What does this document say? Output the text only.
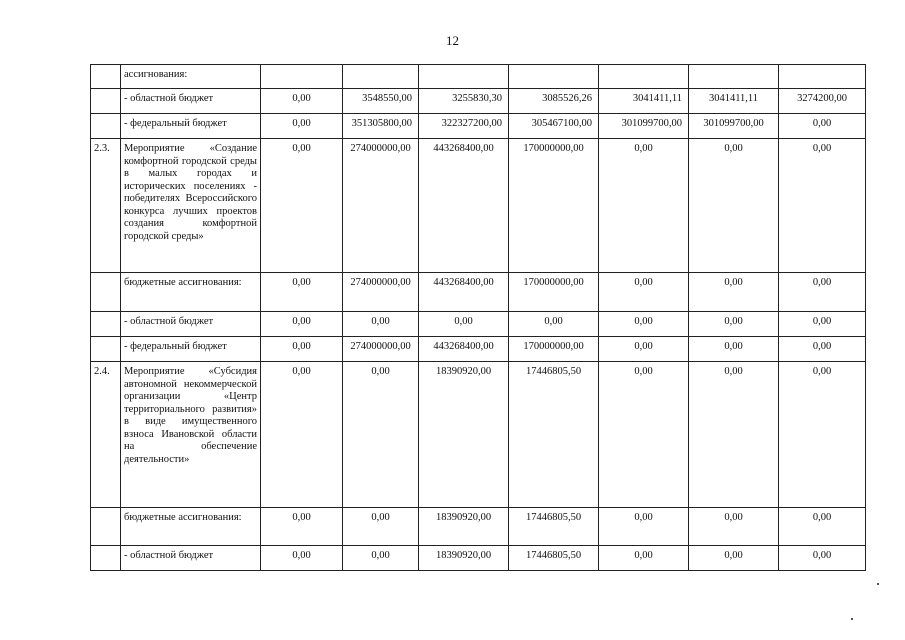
12
	ассигнования:							
	- областной бюджет	0,00	3548550,00	3255830,30	3085526,26	3041411,11	3041411,11	3274200,00
	- федеральный бюджет	0,00	351305800,00	322327200,00	305467100,00	301099700,00	301099700,00	0,00
2.3.	Мероприятие «Создание комфортной городской среды в малых городах и исторических поселениях - победителях Всероссийского конкурса лучших проектов создания комфортной городской среды»	0,00	274000000,00	443268400,00	170000000,00	0,00	0,00	0,00
	бюджетные ассигнования:	0,00	274000000,00	443268400,00	170000000,00	0,00	0,00	0,00
	- областной бюджет	0,00	0,00	0,00	0,00	0,00	0,00	0,00
	- федеральный бюджет	0,00	274000000,00	443268400,00	170000000,00	0,00	0,00	0,00
2.4.	Мероприятие «Субсидия автономной некоммерческой организации «Центр территориального развития» в виде имущественного взноса Ивановской области на обеспечение деятельности»	0,00	0,00	18390920,00	17446805,50	0,00	0,00	0,00
	бюджетные ассигнования:	0,00	0,00	18390920,00	17446805,50	0,00	0,00	0,00
	- областной бюджет	0,00	0,00	18390920,00	17446805,50	0,00	0,00	0,00
